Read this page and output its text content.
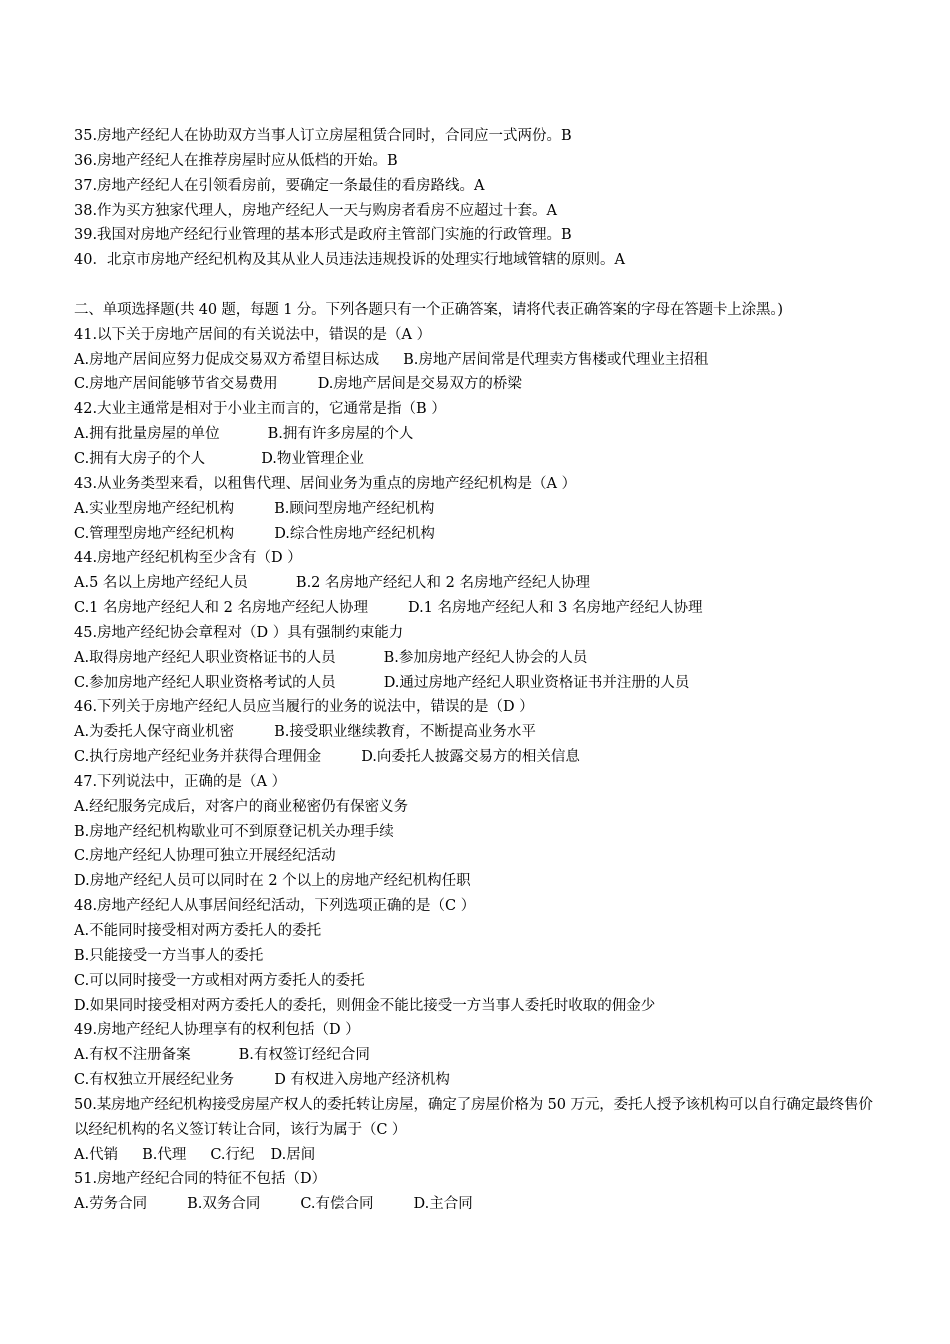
35.房地产经纪人在协助双方当事人订立房屋租赁合同时，合同应一式两份。B
36.房地产经纪人在推荐房屋时应从低档的开始。B
37.房地产经纪人在引领看房前，要确定一条最佳的看房路线。A
38.作为买方独家代理人，房地产经纪人一天与购房者看房不应超过十套。A
39.我国对房地产经纪行业管理的基本形式是政府主管部门实施的行政管理。B
40．北京市房地产经纪机构及其从业人员违法违规投诉的处理实行地域管辖的原则。A
二、单项选择题(共 40 题，每题 1 分。下列各题只有一个正确答案，请将代表正确答案的字母在答题卡上涂黑。)
41.以下关于房地产居间的有关说法中，错误的是（A ）
A.房地产居间应努力促成交易双方希望目标达成 B.房地产居间常是代理卖方售楼或代理业主招租
C.房地产居间能够节省交易费用	D.房地产居间是交易双方的桥梁
42.大业主通常是相对于小业主而言的，它通常是指（B ）
A.拥有批量房屋的单位	B.拥有许多房屋的个人
C.拥有大房子的个人	D.物业管理企业
43.从业务类型来看，以租售代理、居间业务为重点的房地产经纪机构是（A ）
A.实业型房地产经纪机构	B.顾问型房地产经纪机构
C.管理型房地产经纪机构	D.综合性房地产经纪机构
44.房地产经纪机构至少含有（D ）
A.5 名以上房地产经纪人员	B.2 名房地产经纪人和 2 名房地产经纪人协理
C.1 名房地产经纪人和 2 名房地产经纪人协理	D.1 名房地产经纪人和 3 名房地产经纪人协理
45.房地产经纪协会章程对（D ）具有强制约束能力
A.取得房地产经纪人职业资格证书的人员	B.参加房地产经纪人协会的人员
C.参加房地产经纪人职业资格考试的人员	D.通过房地产经纪人职业资格证书并注册的人员
46.下列关于房地产经纪人员应当履行的业务的说法中，错误的是（D ）
A.为委托人保守商业机密	B.接受职业继续教育，不断提高业务水平
C.执行房地产经纪业务并获得合理佣金	D.向委托人披露交易方的相关信息
47.下列说法中，正确的是（A ）
A.经纪服务完成后，对客户的商业秘密仍有保密义务
B.房地产经纪机构歇业可不到原登记机关办理手续
C.房地产经纪人协理可独立开展经纪活动
D.房地产经纪人员可以同时在 2 个以上的房地产经纪机构任职
48.房地产经纪人从事居间经纪活动，下列选项正确的是（C ）
A.不能同时接受相对两方委托人的委托
B.只能接受一方当事人的委托
C.可以同时接受一方或相对两方委托人的委托
D.如果同时接受相对两方委托人的委托，则佣金不能比接受一方当事人委托时收取的佣金少
49.房地产经纪人协理享有的权利包括（D ）
A.有权不注册备案	B.有权签订经纪合同
C.有权独立开展经纪业务	D 有权进入房地产经济机构
50.某房地产经纪机构接受房屋产权人的委托转让房屋，确定了房屋价格为 50 万元，委托人授予该机构可以自行确定最终售价以经纪机构的名义签订转让合同，该行为属于（C ）
A.代销 B.代理 C.行纪 D.居间
51.房地产经纪合同的特征不包括（D）
A.劳务合同	B.双务合同	C.有偿合同	D.主合同
